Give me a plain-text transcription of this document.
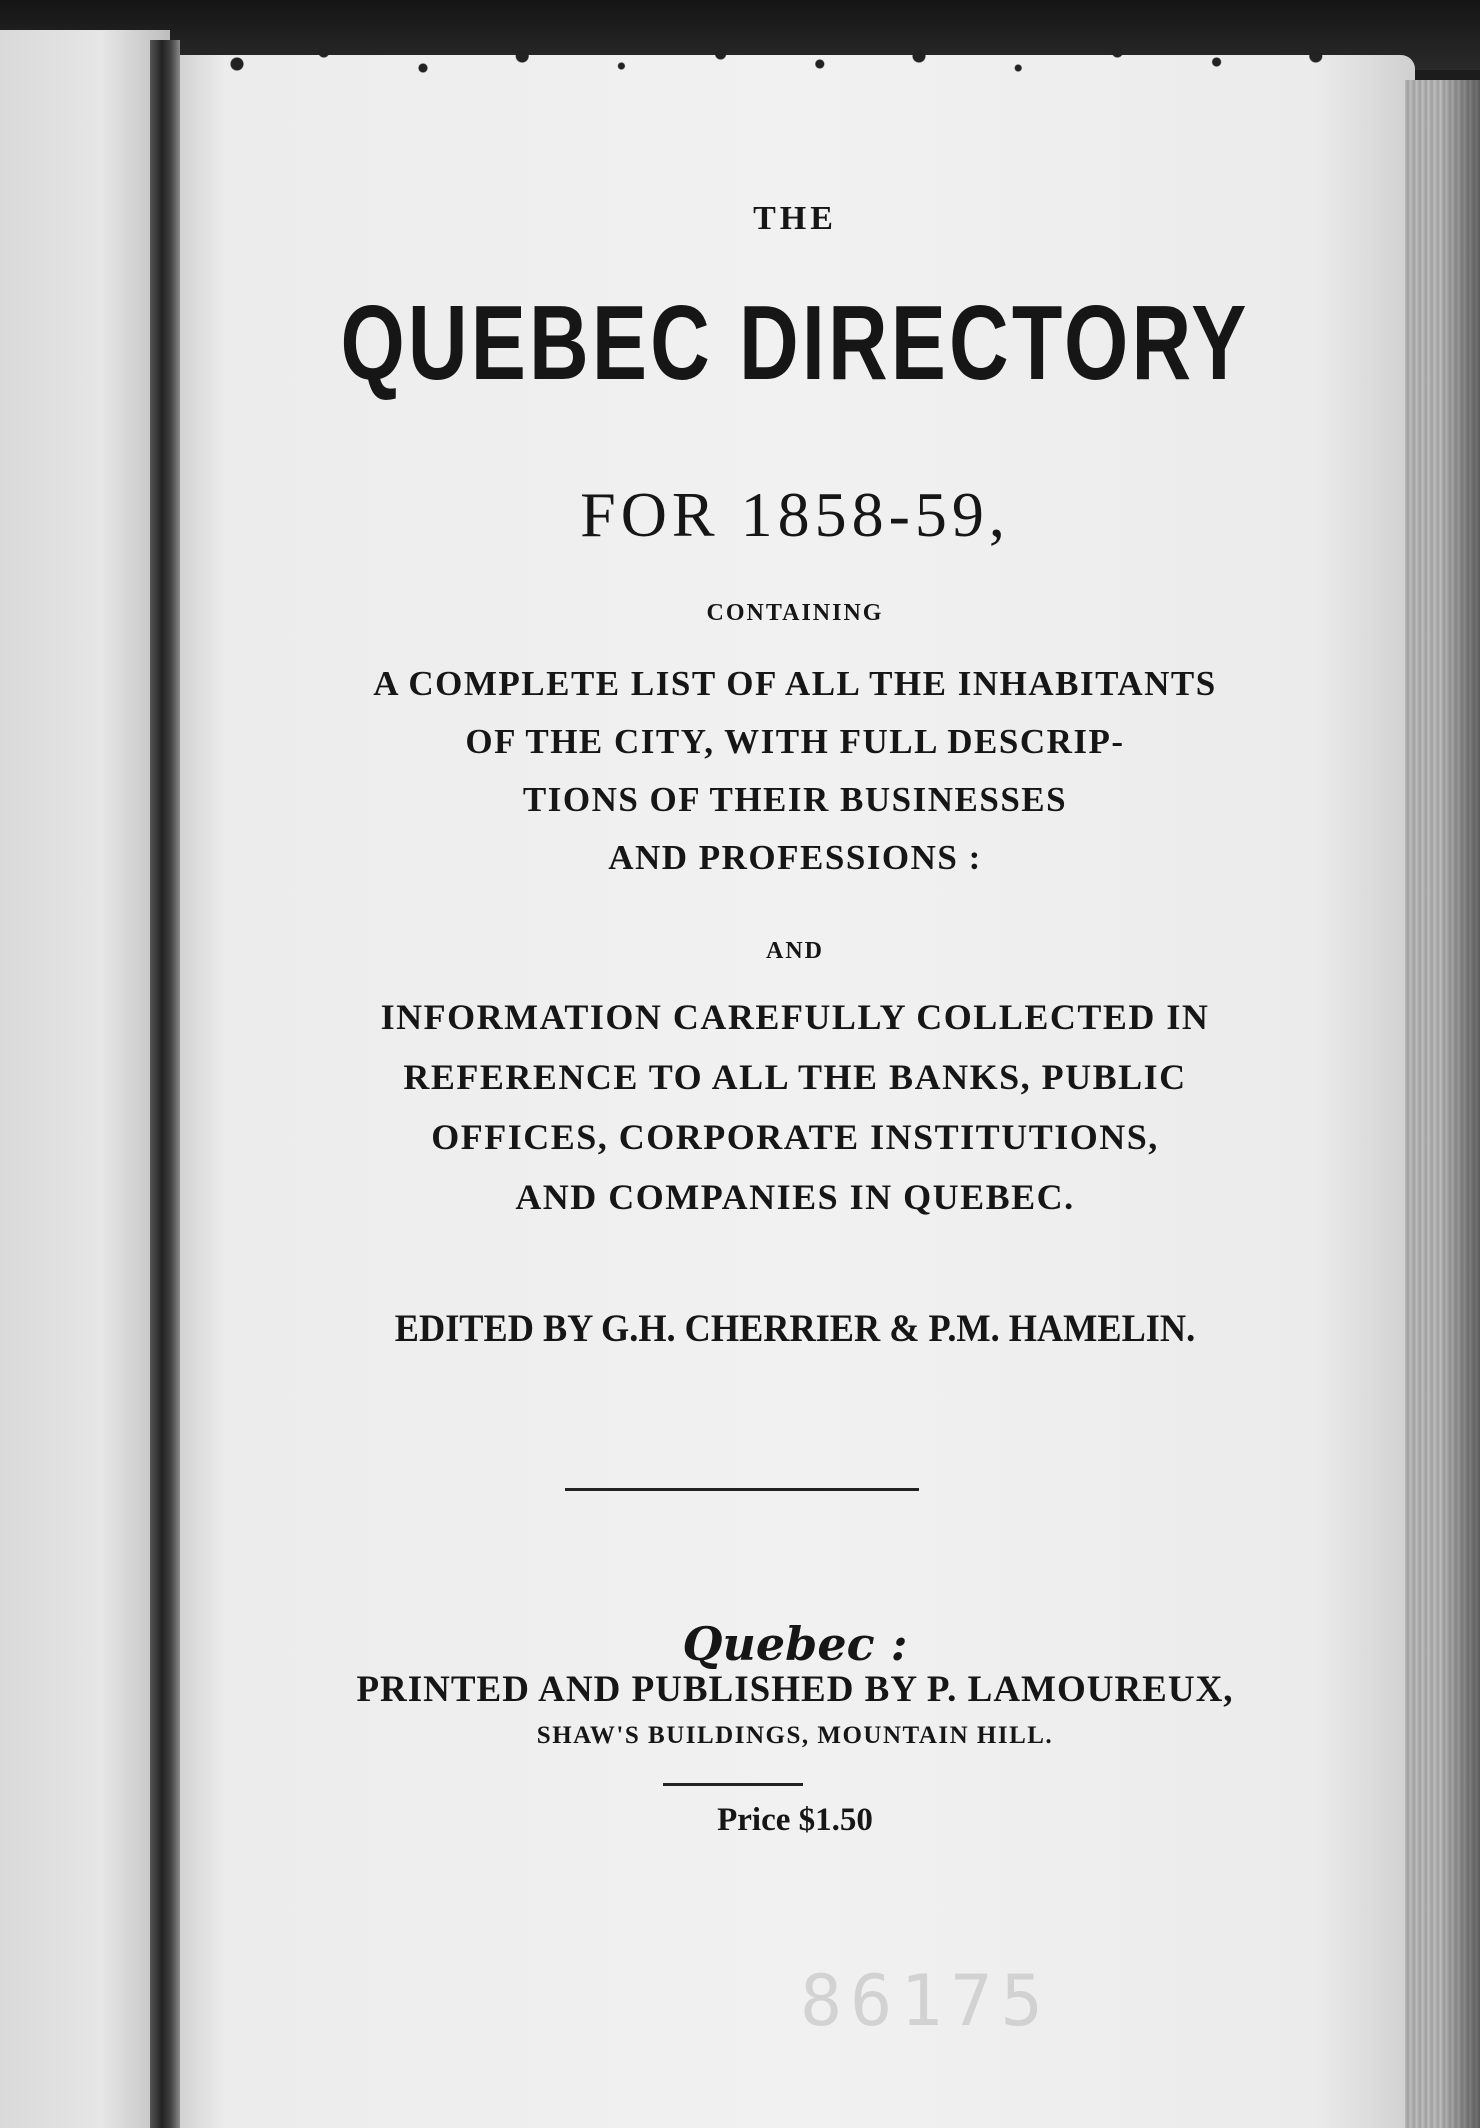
THE

QUEBEC DIRECTORY

FOR 1858-59,

CONTAINING

A COMPLETE LIST OF ALL THE INHABITANTS

OF THE CITY, WITH FULL DESCRIP-

TIONS OF THEIR BUSINESSES

AND PROFESSIONS :

AND

INFORMATION CAREFULLY COLLECTED IN

REFERENCE TO ALL THE BANKS, PUBLIC

OFFICES, CORPORATE INSTITUTIONS,

AND COMPANIES IN QUEBEC.

EDITED BY G.H. CHERRIER & P.M. HAMELIN.

Quebec :

PRINTED AND PUBLISHED BY P. LAMOUREUX,

SHAW'S BUILDINGS, MOUNTAIN HILL.

Price $1.50

86175
